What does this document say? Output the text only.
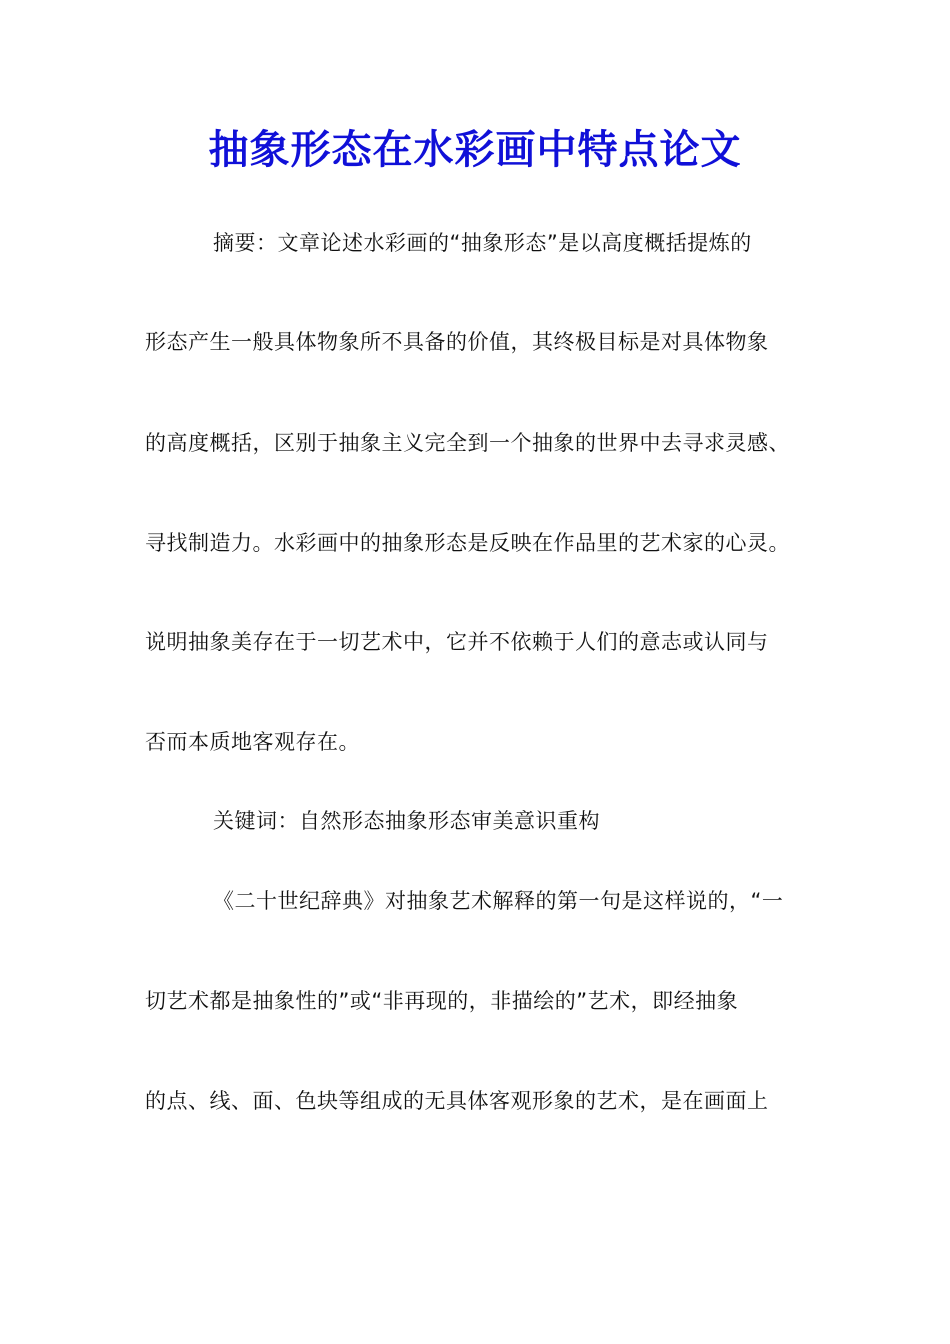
抽象形态在水彩画中特点论文
摘要：文章论述水彩画的“抽象形态”是以高度概括提炼的
形态产生一般具体物象所不具备的价值，其终极目标是对具体物象
的高度概括，区别于抽象主义完全到一个抽象的世界中去寻求灵感、
寻找制造力。水彩画中的抽象形态是反映在作品里的艺术家的心灵。
说明抽象美存在于一切艺术中，它并不依赖于人们的意志或认同与
否而本质地客观存在。
关键词：自然形态抽象形态审美意识重构
《二十世纪辞典》对抽象艺术解释的第一句是这样说的，“一
切艺术都是抽象性的”或“非再现的，非描绘的”艺术，即经抽象
的点、线、面、色块等组成的无具体客观形象的艺术，是在画面上
